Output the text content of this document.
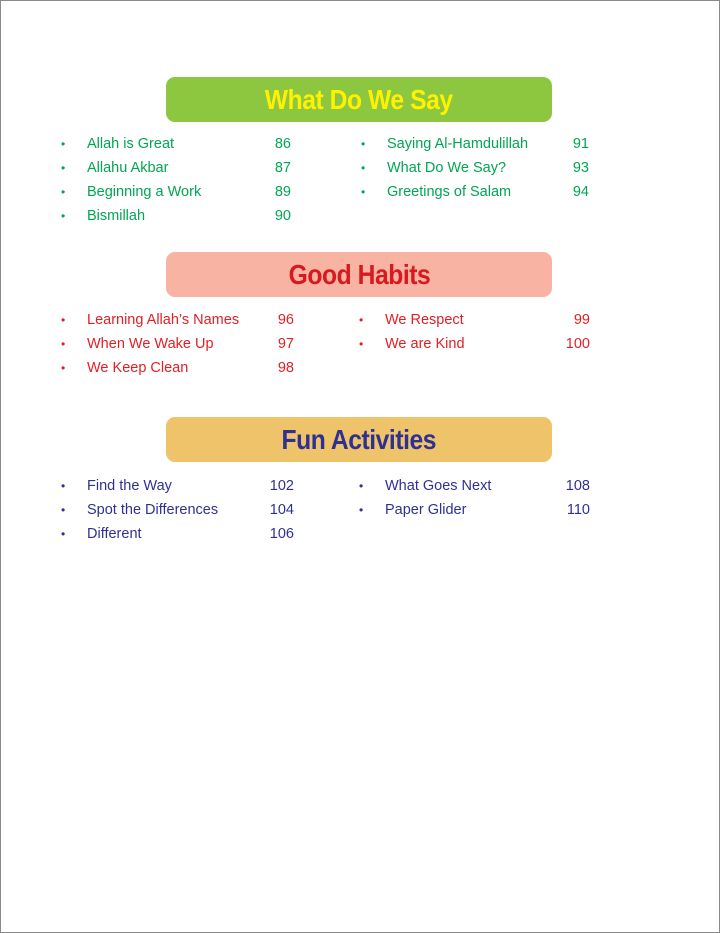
What Do We Say
• Allah is Great	86
• Allahu Akbar	87
• Beginning a Work	89
• Bismillah	90
• Saying Al-Hamdulillah	91
• What Do We Say?	93
• Greetings of Salam	94
Good Habits
• Learning Allah’s Names	96
• When We Wake Up	97
• We Keep Clean	98
• We Respect	99
• We are Kind	100
Fun Activities
• Find the Way	102
• Spot the Differences	104
• Different	106
• What Goes Next	108
• Paper Glider	110
